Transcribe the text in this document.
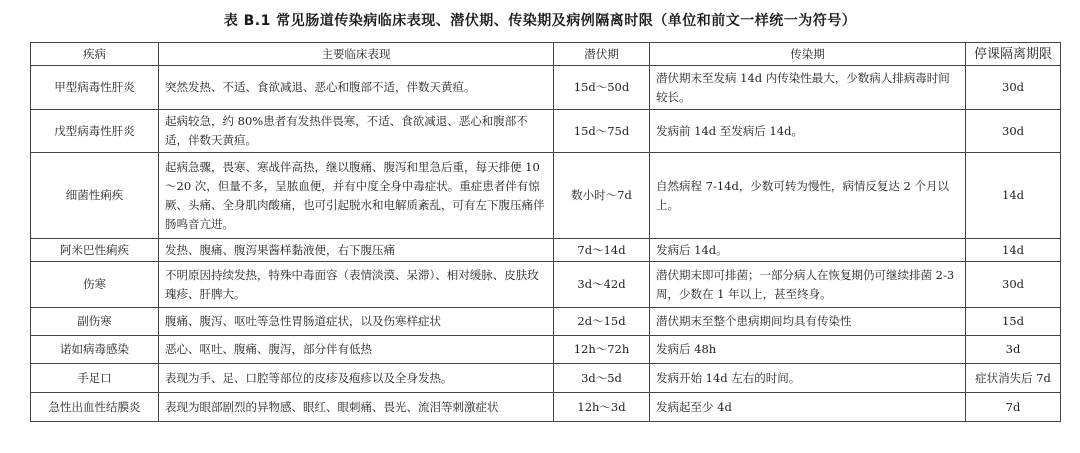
表 B.1 常见肠道传染病临床表现、潜伏期、传染期及病例隔离时限（单位和前文一样统一为符号）
疾病	主要临床表现	潜伏期	传染期	停课隔离期限
甲型病毒性肝炎	突然发热、不适、食欲减退、恶心和腹部不适，伴数天黄疸。	15d～50d	潜伏期末至发病 14d 内传染性最大，少数病人排病毒时间较长。	30d
戊型病毒性肝炎	起病较急，约 80%患者有发热伴畏寒，不适、食欲减退、恶心和腹部不适，伴数天黄疸。	15d～75d	发病前 14d 至发病后 14d。	30d
细菌性痢疾	起病急骤，畏寒、寒战伴高热，继以腹痛、腹泻和里急后重，每天排便 10～20 次，但量不多，呈脓血便，并有中度全身中毒症状。重症患者伴有惊厥、头痛、全身肌肉酸痛，也可引起脱水和电解质紊乱，可有左下腹压痛伴肠鸣音亢进。	数小时～7d	自然病程 7-14d，少数可转为慢性，病情反复达 2 个月以上。	14d
阿米巴性痢疾	发热、腹痛、腹泻果酱样黏液便，右下腹压痛	7d～14d	发病后 14d。	14d
伤寒	不明原因持续发热，特殊中毒面容（表情淡漠、呆滞）、相对缓脉、皮肤玫瑰疹、肝脾大。	3d～42d	潜伏期末即可排菌；一部分病人在恢复期仍可继续排菌 2-3 周，少数在 1 年以上，甚至终身。	30d
副伤寒	腹痛、腹泻、呕吐等急性胃肠道症状，以及伤寒样症状	2d～15d	潜伏期末至整个患病期间均具有传染性	15d
诺如病毒感染	恶心、呕吐、腹痛、腹泻，部分伴有低热	12h～72h	发病后 48h	3d
手足口	表现为手、足、口腔等部位的皮疹及疱疹以及全身发热。	3d～5d	发病开始 14d 左右的时间。	症状消失后 7d
急性出血性结膜炎	表现为眼部剧烈的异物感、眼红、眼刺痛、畏光、流泪等刺激症状	12h～3d	发病起至少 4d	7d
